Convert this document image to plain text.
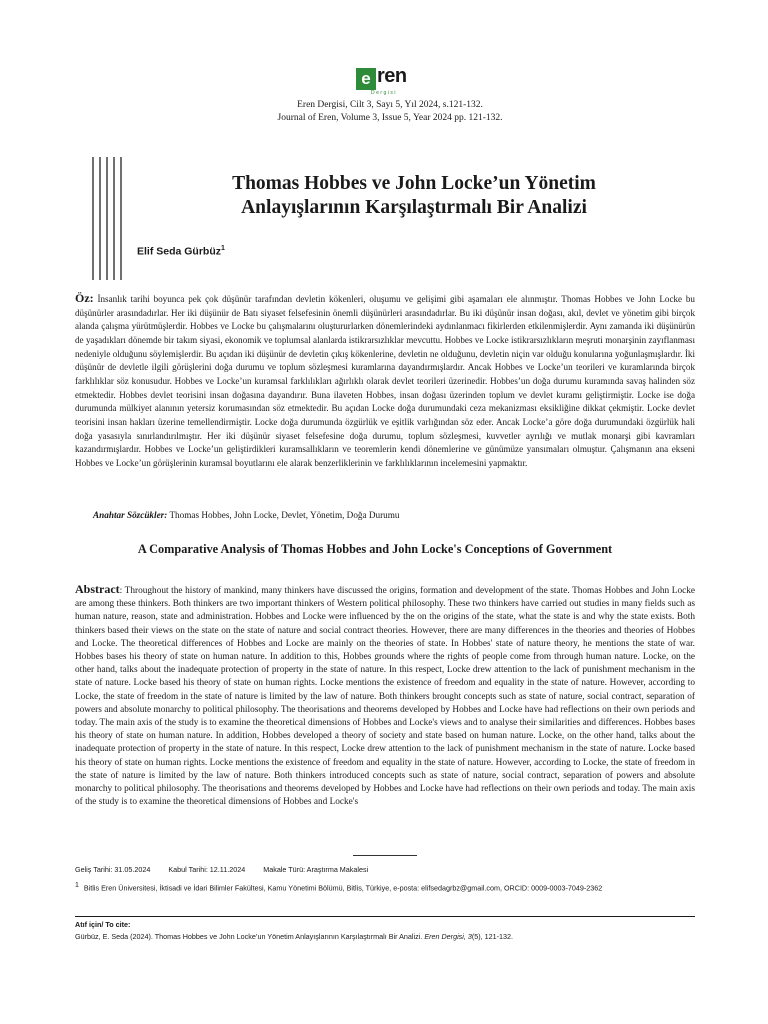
e ren
Dergisi
Eren Dergisi, Cilt 3, Sayı 5, Yıl 2024, s.121-132.
Journal of Eren, Volume 3, Issue 5, Year 2024 pp. 121-132.
Thomas Hobbes ve John Locke’un Yönetim Anlayışlarının Karşılaştırmalı Bir Analizi
Elif Seda Gürbüz$^1$

Öz: İnsanlık tarihi boyunca pek çok düşünür tarafından devletin kökenleri, oluşumu ve gelişimi gibi aşamaları ele alınmıştır. Thomas Hobbes ve John Locke bu düşünürler arasındadırlar. Her iki düşünür de Batı siyaset felsefesinin önemli düşünürleri arasındadırlar. Bu iki düşünür insan doğası, akıl, devlet ve yönetim gibi birçok alanda çalışma yürütmüşlerdir. Hobbes ve Locke bu çalışmalarını oluştururlarken dönemlerindeki aydınlanmacı fikirlerden etkilenmişlerdir. Aynı zamanda iki düşünürün de yaşadıkları dönemde bir takım siyasi, ekonomik ve toplumsal alanlarda istikrarsızlıklar mevcuttu. Hobbes ve Locke istikrarsızlıkların meşruti monarşinin zayıflanması nedeniyle olduğunu söylemişlerdir. Bu açıdan iki düşünür de devletin çıkış kökenlerine, devletin ne olduğunu, devletin niçin var olduğu konularına yoğunlaşmışlardır. İki düşünür de devletle ilgili görüşlerini doğa durumu ve toplum sözleşmesi kuramlarına dayandırmışlardır. Ancak Hobbes ve Locke’un teorileri ve kuramlarında birçok farklılıklar söz konusudur. Hobbes ve Locke’un kuramsal farklılıkları ağırlıklı olarak devlet teorileri üzerinedir. Hobbes’un doğa durumu kuramında savaş halinden söz etmektedir. Hobbes devlet teorisini insan doğasına dayandırır. Buna ilaveten Hobbes, insan doğası üzerinden toplum ve devlet kuramı geliştirmiştir. Locke ise doğa durumunda mülkiyet alanının yetersiz korumasından söz etmektedir. Bu açıdan Locke doğa durumundaki ceza mekanizması eksikliğine dikkat çekmiştir. Locke devlet teorisini insan hakları üzerine temellendirmiştir. Locke doğa durumunda özgürlük ve eşitlik varlığından söz eder. Ancak Locke’a göre doğa durumundaki özgürlük hali doğa yasasıyla sınırlandırılmıştır. Her iki düşünür siyaset felsefesine doğa durumu, toplum sözleşmesi, kuvvetler ayrılığı ve mutlak monarşi gibi kavramları kazandırmışlardır. Hobbes ve Locke’un geliştirdikleri kuramsallıkların ve teoremlerin kendi dönemlerine ve günümüze yansımaları olmuştur. Çalışmanın ana ekseni Hobbes ve Locke’un görüşlerinin kuramsal boyutlarını ele alarak benzerliklerinin ve farklılıklarının incelemesini yapmaktır.

Anahtar Sözcükler: Thomas Hobbes, John Locke, Devlet, Yönetim, Doğa Durumu
A Comparative Analysis of Thomas Hobbes and John Locke's Conceptions of Government

Abstract: Throughout the history of mankind, many thinkers have discussed the origins, formation and development of the state. Thomas Hobbes and John Locke are among these thinkers. Both thinkers are two important thinkers of Western political philosophy. These two thinkers have carried out studies in many fields such as human nature, reason, state and administration. Hobbes and Locke were influenced by the on the origins of the state, what the state is and why the state exists. Both thinkers based their views on the state on the state of nature and social contract theories. However, there are many differences in the theories and theories of Hobbes and Locke. The theoretical differences of Hobbes and Locke are mainly on the theories of state. In Hobbes' state of nature theory, he mentions the state of war. Hobbes bases his theory of state on human nature. In addition to this, Hobbes grounds where the rights of people come from through human nature. Locke, on the other hand, talks about the inadequate protection of property in the state of nature. In this respect, Locke drew attention to the lack of punishment mechanism in the state of nature. Locke based his theory of state on human rights. Locke mentions the existence of freedom and equality in the state of nature. However, according to Locke, the state of freedom in the state of nature is limited by the law of nature. Both thinkers brought concepts such as state of nature, social contract, separation of powers and absolute monarchy to political philosophy. The theorisations and theorems developed by Hobbes and Locke have had reflections on their own periods and today. The main axis of the study is to examine the theoretical dimensions of Hobbes and Locke's views and to analyse their similarities and differences. Hobbes bases his theory of state on human nature. In addition, Hobbes developed a theory of society and state based on human nature. Locke, on the other hand, talks about the inadequate protection of property in the state of nature. In this respect, Locke drew attention to the lack of punishment mechanism in the state of nature. Locke based his theory of state on human rights. Locke mentions the existence of freedom and equality in the state of nature. However, according to Locke, the state of freedom in the state of nature is limited by the law of nature. Both thinkers introduced concepts such as state of nature, social contract, separation of powers and absolute monarchy to political philosophy. The theorisations and theorems developed by Hobbes and Locke have had reflections on their own periods and today. The main axis of the study is to examine the theoretical dimensions of Hobbes and Locke's

Geliş Tarihi: 31.05.2024	Kabul Tarihi: 12.11.2024	Makale Türü: Araştırma Makalesi

$^1$ Bitlis Eren Üniversitesi, İktisadi ve İdari Bilimler Fakültesi, Kamu Yönetimi Bölümü, Bitlis, Türkiye, e-posta: elifsedagrbz@gmail.com, ORCID: 0009-0003-7049-2362

Atıf için/ To cite:
Gürbüz, E. Seda (2024). Thomas Hobbes ve John Locke’un Yönetim Anlayışlarının Karşılaştırmalı Bir Analizi. Eren Dergisi, 3(5), 121-132.
